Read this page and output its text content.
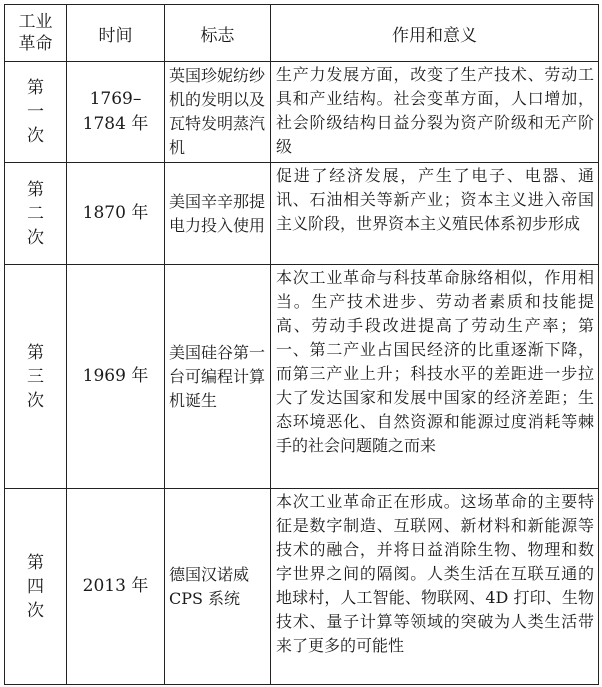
工业
革命	时间	标志	作用和意义

第
一
次	1769–
1784 年	英国珍妮纺纱机的发明以及瓦特发明蒸汽机	生产力发展方面，改变了生产技术、劳动工具和产业结构。社会变革方面，人口增加，社会阶级结构日益分裂为资产阶级和无产阶级

第
二
次	1870 年	美国辛辛那提电力投入使用	促进了经济发展，产生了电子、电器、通讯、石油相关等新产业；资本主义进入帝国主义阶段，世界资本主义殖民体系初步形成

第
三
次	1969 年	美国硅谷第一台可编程计算机诞生	本次工业革命与科技革命脉络相似，作用相当。生产技术进步、劳动者素质和技能提高、劳动手段改进提高了劳动生产率；第一、第二产业占国民经济的比重逐渐下降，而第三产业上升；科技水平的差距进一步拉大了发达国家和发展中国家的经济差距；生态环境恶化、自然资源和能源过度消耗等棘手的社会问题随之而来

第
四
次	2013 年	德国汉诺威CPS 系统	本次工业革命正在形成。这场革命的主要特征是数字制造、互联网、新材料和新能源等技术的融合，并将日益消除生物、物理和数字世界之间的隔阂。人类生活在互联互通的地球村，人工智能、物联网、4D 打印、生物技术、量子计算等领域的突破为人类生活带来了更多的可能性
